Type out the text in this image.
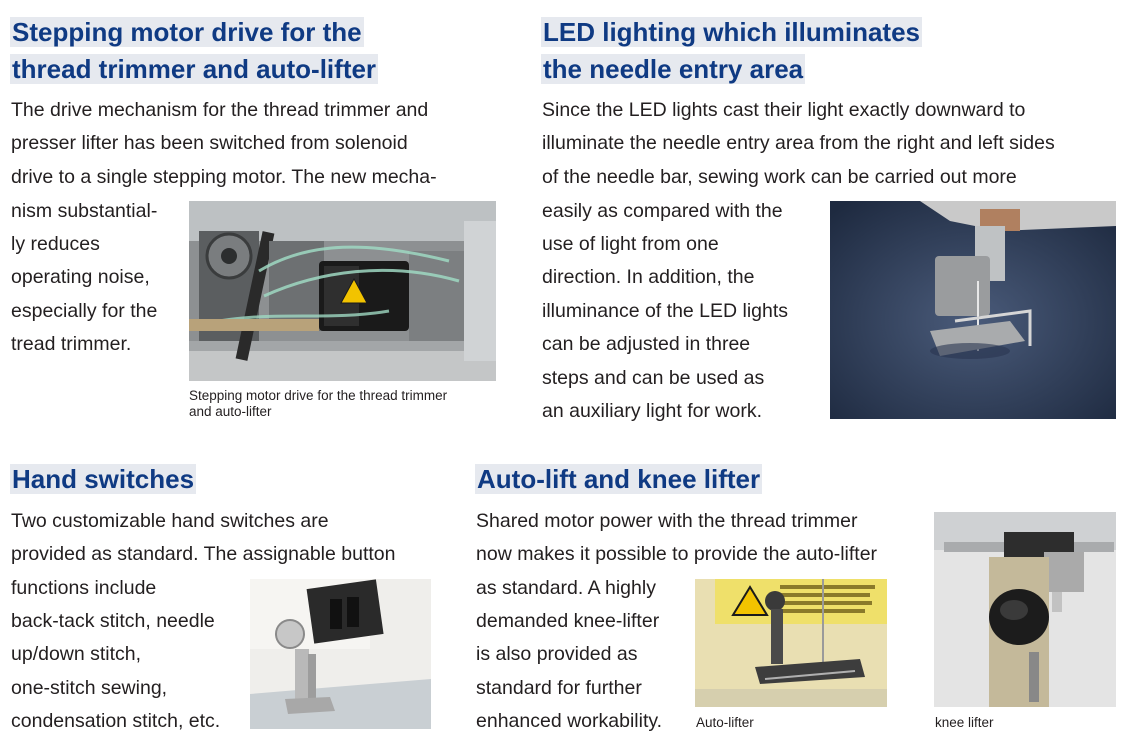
Stepping motor drive for the
thread trimmer and auto-lifter
The drive mechanism for the thread trimmer and
presser lifter has been switched from solenoid
drive to a single stepping motor. The new mecha-
nism substantial-
ly reduces
operating noise,
especially for the
tread trimmer.
Stepping motor drive for the thread trimmer
and auto-lifter
LED lighting which illuminates
the needle entry area
Since the LED lights cast their light exactly downward to
illuminate the needle entry area from the right and left sides
of the needle bar, sewing work can be carried out more
easily as compared with the
use of light from one
direction. In addition, the
illuminance of the LED lights
can be adjusted in three
steps and can be used as
an auxiliary light for work.
Hand switches
Two customizable hand switches are
provided as standard. The assignable button
functions include
back-tack stitch, needle
up/down stitch,
one-stitch sewing,
condensation stitch, etc.
Auto-lift and knee lifter
Shared motor power with the thread trimmer
now makes it possible to provide the auto-lifter
as standard. A highly
demanded knee-lifter
is also provided as
standard for further
enhanced workability.	Auto-lifter	knee lifter
